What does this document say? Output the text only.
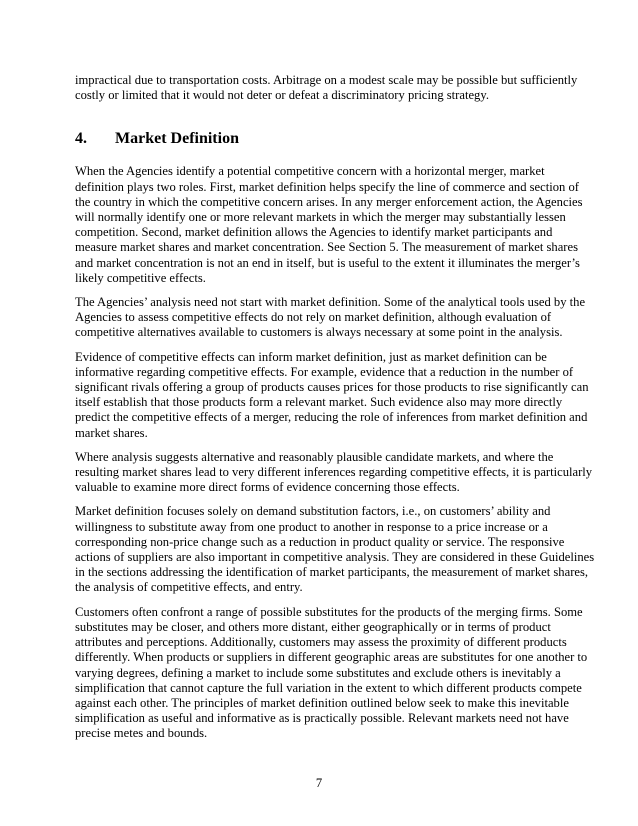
impractical due to transportation costs. Arbitrage on a modest scale may be possible but sufficiently costly or limited that it would not deter or defeat a discriminatory pricing strategy.

4.	Market Definition

When the Agencies identify a potential competitive concern with a horizontal merger, market definition plays two roles. First, market definition helps specify the line of commerce and section of the country in which the competitive concern arises. In any merger enforcement action, the Agencies will normally identify one or more relevant markets in which the merger may substantially lessen competition. Second, market definition allows the Agencies to identify market participants and measure market shares and market concentration. See Section 5. The measurement of market shares and market concentration is not an end in itself, but is useful to the extent it illuminates the merger’s likely competitive effects.

The Agencies’ analysis need not start with market definition. Some of the analytical tools used by the Agencies to assess competitive effects do not rely on market definition, although evaluation of competitive alternatives available to customers is always necessary at some point in the analysis.

Evidence of competitive effects can inform market definition, just as market definition can be informative regarding competitive effects. For example, evidence that a reduction in the number of significant rivals offering a group of products causes prices for those products to rise significantly can itself establish that those products form a relevant market. Such evidence also may more directly predict the competitive effects of a merger, reducing the role of inferences from market definition and market shares.

Where analysis suggests alternative and reasonably plausible candidate markets, and where the resulting market shares lead to very different inferences regarding competitive effects, it is particularly valuable to examine more direct forms of evidence concerning those effects.

Market definition focuses solely on demand substitution factors, i.e., on customers’ ability and willingness to substitute away from one product to another in response to a price increase or a corresponding non-price change such as a reduction in product quality or service. The responsive actions of suppliers are also important in competitive analysis. They are considered in these Guidelines in the sections addressing the identification of market participants, the measurement of market shares, the analysis of competitive effects, and entry.

Customers often confront a range of possible substitutes for the products of the merging firms. Some substitutes may be closer, and others more distant, either geographically or in terms of product attributes and perceptions. Additionally, customers may assess the proximity of different products differently. When products or suppliers in different geographic areas are substitutes for one another to varying degrees, defining a market to include some substitutes and exclude others is inevitably a simplification that cannot capture the full variation in the extent to which different products compete against each other. The principles of market definition outlined below seek to make this inevitable simplification as useful and informative as is practically possible. Relevant markets need not have precise metes and bounds.

7
